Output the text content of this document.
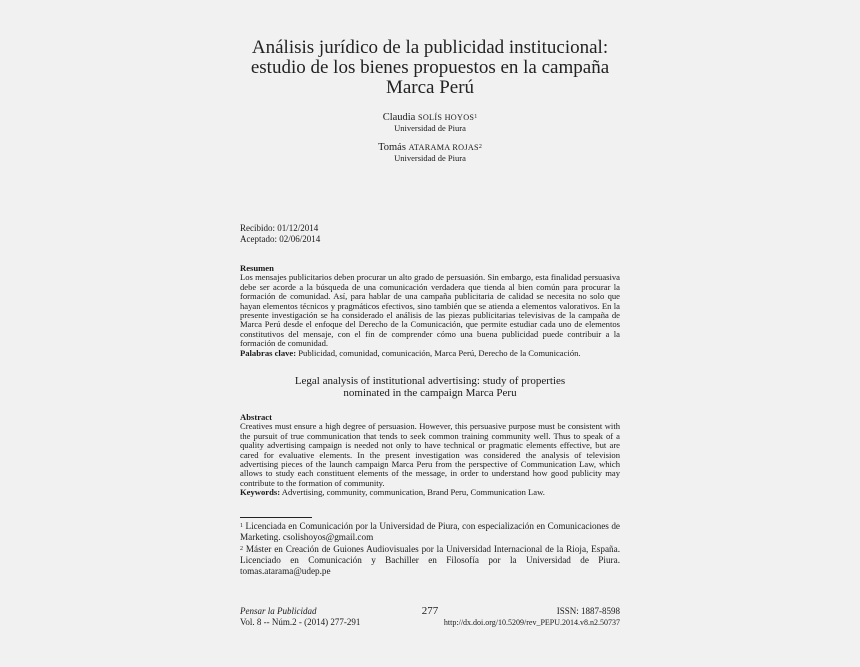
Análisis jurídico de la publicidad institucional:
estudio de los bienes propuestos en la campaña
Marca Perú
Claudia SOLÍS HOYOS$^1$
Universidad de Piura
Tomás ATARAMA ROJAS$^2$
Universidad de Piura
Recibido: 01/12/2014
Aceptado: 02/06/2014
Resumen

Los mensajes publicitarios deben procurar un alto grado de persuasión. Sin embargo, esta finalidad persuasiva debe ser acorde a la búsqueda de una comunicación verdadera que tienda al bien común para procurar la formación de comunidad. Así, para hablar de una campaña publicitaria de calidad se necesita no solo que hayan elementos técnicos y pragmáticos efectivos, sino también que se atienda a elementos valorativos. En la presente investigación se ha considerado el análisis de las piezas publicitarias televisivas de la campaña de Marca Perú desde el enfoque del Derecho de la Comunicación, que permite estudiar cada uno de elementos constitutivos del mensaje, con el fin de comprender cómo una buena publicidad puede contribuir a la formación de comunidad.

Palabras clave: Publicidad, comunidad, comunicación, Marca Perú, Derecho de la Comunicación.

Legal analysis of institutional advertising: study of properties
nominated in the campaign Marca Peru
Abstract

Creatives must ensure a high degree of persuasion. However, this persuasive purpose must be consistent with the pursuit of true communication that tends to seek common training community well. Thus to speak of a quality advertising campaign is needed not only to have technical or pragmatic elements effective, but are cared for evaluative elements. In the present investigation was considered the analysis of television advertising pieces of the launch campaign Marca Peru from the perspective of Communication Law, which allows to study each constituent elements of the message, in order to understand how good publicity may contribute to the formation of community.

Keywords: Advertising, community, communication, Brand Peru, Communication Law.

$^1$ Licenciada en Comunicación por la Universidad de Piura, con especialización en Comunicaciones de Marketing. csolishoyos@gmail.com
$^2$ Máster en Creación de Guiones Audiovisuales por la Universidad Internacional de la Rioja, España. Licenciado en Comunicación y Bachiller en Filosofía por la Universidad de Piura. tomas.atarama@udep.pe
Pensar la Publicidad
Vol. 8 -- Núm.2 - (2014) 277-291
277	ISSN: 1887-8598
http://dx.doi.org/10.5209/rev_PEPU.2014.v8.n2.50737
